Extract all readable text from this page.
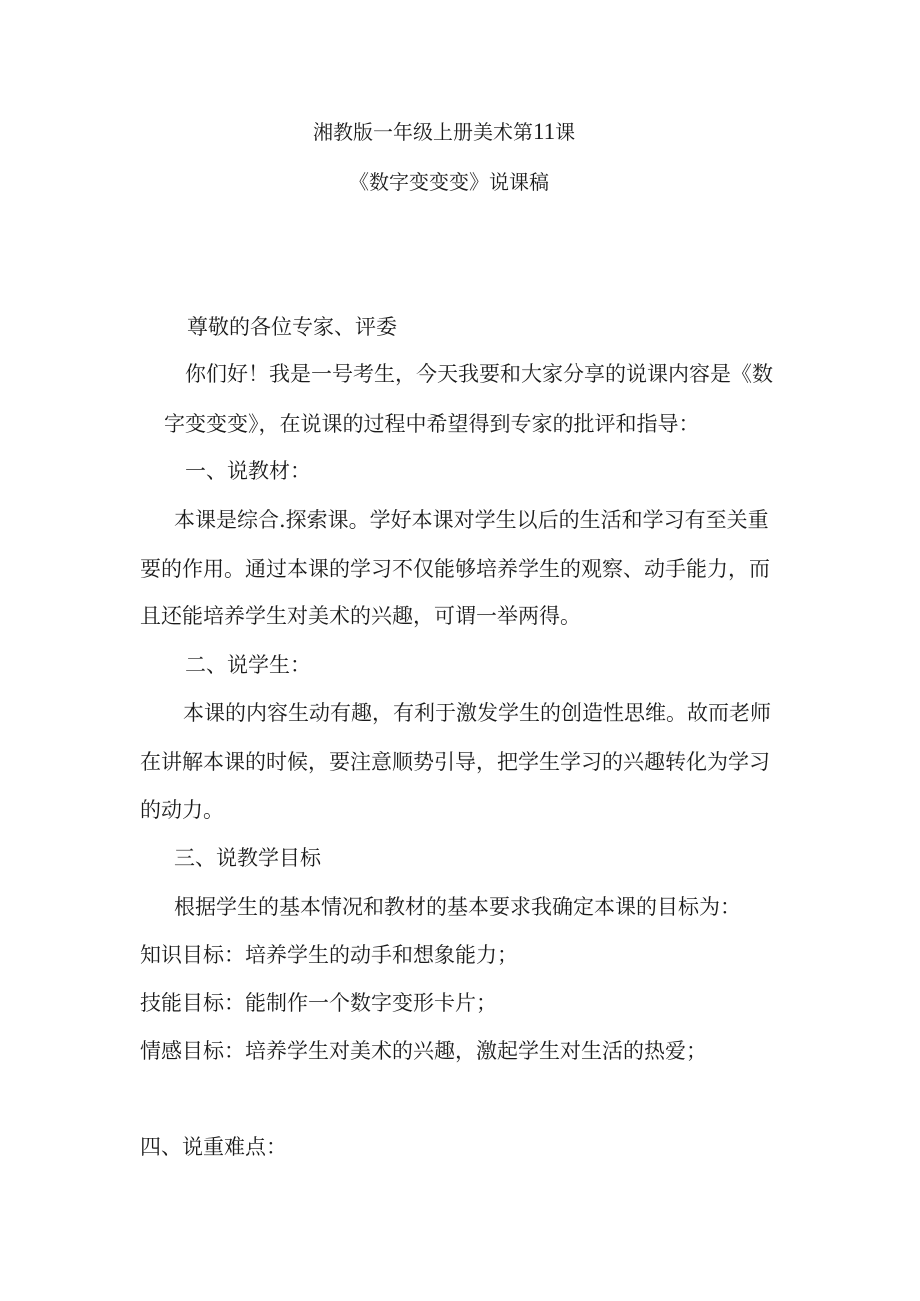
湘教版一年级上册美术第11课
《数字变变变》说课稿
尊敬的各位专家、评委
你们好！我是一号考生，今天我要和大家分享的说课内容是《数
字变变变》，在说课的过程中希望得到专家的批评和指导：
一、说教材：
本课是综合.探索课。学好本课对学生以后的生活和学习有至关重
要的作用。通过本课的学习不仅能够培养学生的观察、动手能力，而
且还能培养学生对美术的兴趣，可谓一举两得。
二、说学生：
本课的内容生动有趣，有利于激发学生的创造性思维。故而老师
在讲解本课的时候，要注意顺势引导，把学生学习的兴趣转化为学习
的动力。
三、说教学目标
根据学生的基本情况和教材的基本要求我确定本课的目标为：
知识目标：培养学生的动手和想象能力；
技能目标：能制作一个数字变形卡片；
情感目标：培养学生对美术的兴趣，激起学生对生活的热爱；
四、说重难点：
